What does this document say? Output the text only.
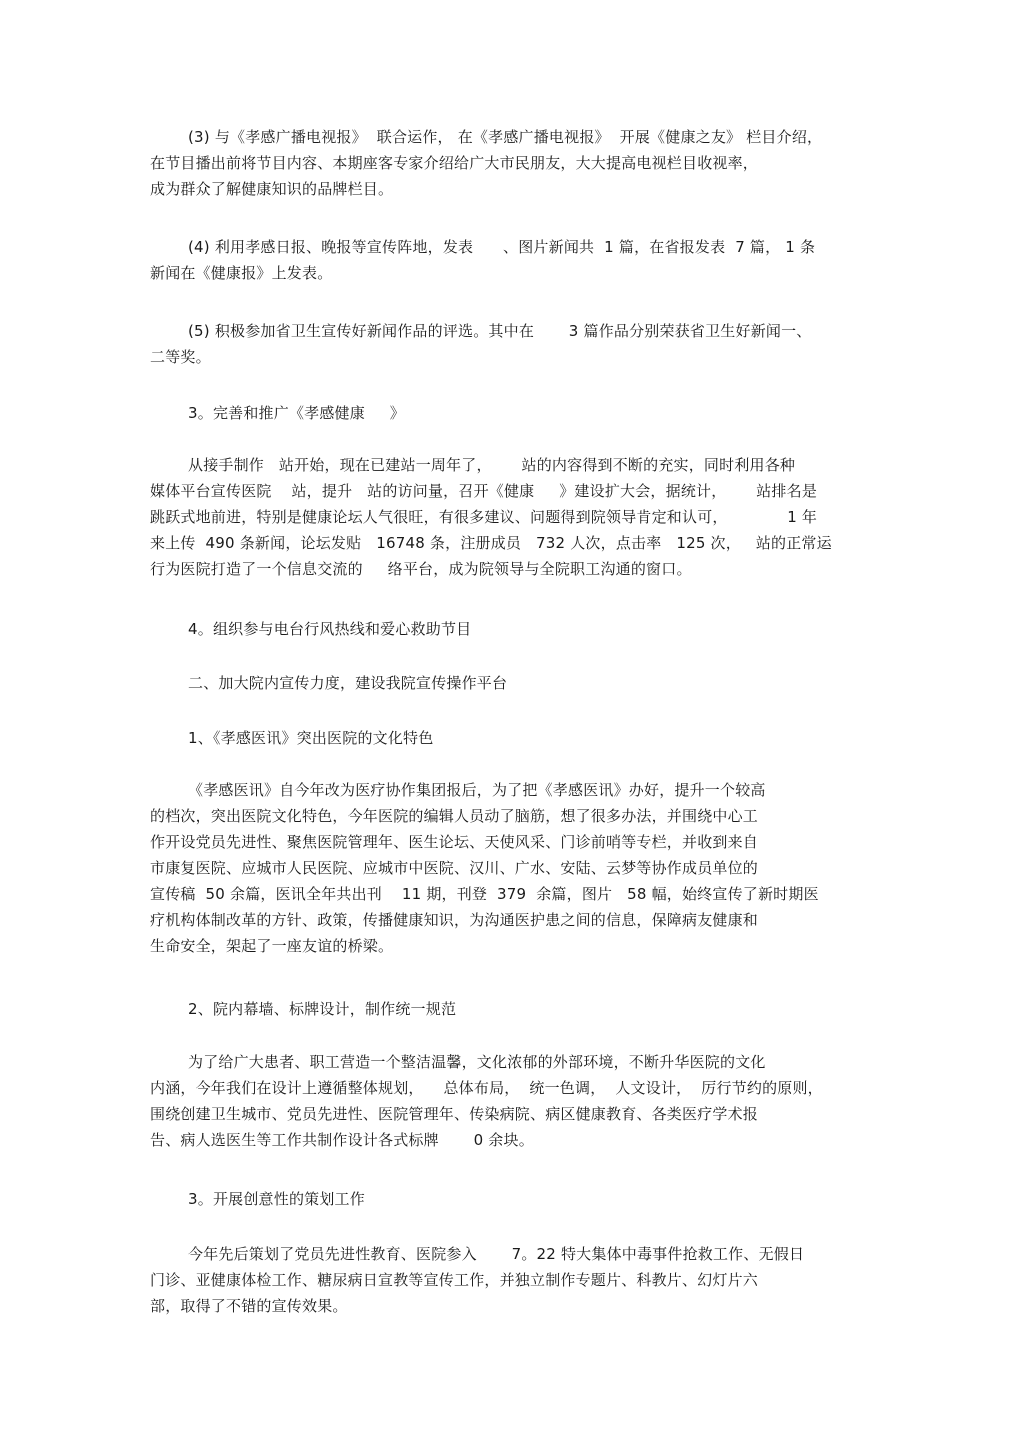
(3) 与《孝感广播电视报》  联合运作， 在《孝感广播电视报》  开展《健康之友》 栏目介绍，
在节目播出前将节目内容、本期座客专家介绍给广大市民朋友，大大提高电视栏目收视率，
成为群众了解健康知识的品牌栏目。
(4) 利用孝感日报、晚报等宣传阵地，发表      、图片新闻共  1 篇，在省报发表  7 篇， 1 条
新闻在《健康报》上发表。
(5) 积极参加省卫生宣传好新闻作品的评选。其中在       3 篇作品分别荣获省卫生好新闻一、
二等奖。
3。完善和推广《孝感健康     》
从接手制作   站开始，现在已建站一周年了，      站的内容得到不断的充实，同时利用各种
媒体平台宣传医院    站，提升   站的访问量，召开《健康     》建设扩大会，据统计，      站排名是
跳跃式地前进，特别是健康论坛人气很旺，有很多建议、问题得到院领导肯定和认可，            1 年
来上传  490 条新闻，论坛发贴   16748 条，注册成员   732 人次，点击率   125 次，   站的正常运
行为医院打造了一个信息交流的     络平台，成为院领导与全院职工沟通的窗口。
4。组织参与电台行风热线和爱心救助节目
二、加大院内宣传力度，建设我院宣传操作平台
1、《孝感医讯》突出医院的文化特色
《孝感医讯》自今年改为医疗协作集团报后，为了把《孝感医讯》办好，提升一个较高
的档次，突出医院文化特色，今年医院的编辑人员动了脑筋，想了很多办法，并围绕中心工
作开设党员先进性、聚焦医院管理年、医生论坛、天使风采、门诊前哨等专栏，并收到来自
市康复医院、应城市人民医院、应城市中医院、汉川、广水、安陆、云梦等协作成员单位的
宣传稿  50 余篇，医讯全年共出刊    11 期，刊登  379  余篇，图片   58 幅，始终宣传了新时期医
疗机构体制改革的方针、政策，传播健康知识，为沟通医护患之间的信息，保障病友健康和
生命安全，架起了一座友谊的桥梁。
2、院内幕墙、标牌设计，制作统一规范
为了给广大患者、职工营造一个整洁温馨，文化浓郁的外部环境，不断升华医院的文化
内涵，今年我们在设计上遵循整体规划，    总体布局，  统一色调，  人文设计，  厉行节约的原则，
围绕创建卫生城市、党员先进性、医院管理年、传染病院、病区健康教育、各类医疗学术报
告、病人选医生等工作共制作设计各式标牌       0 余块。
3。开展创意性的策划工作
今年先后策划了党员先进性教育、医院参入       7。22 特大集体中毒事件抢救工作、无假日
门诊、亚健康体检工作、糖尿病日宣教等宣传工作，并独立制作专题片、科教片、幻灯片六
部，取得了不错的宣传效果。
